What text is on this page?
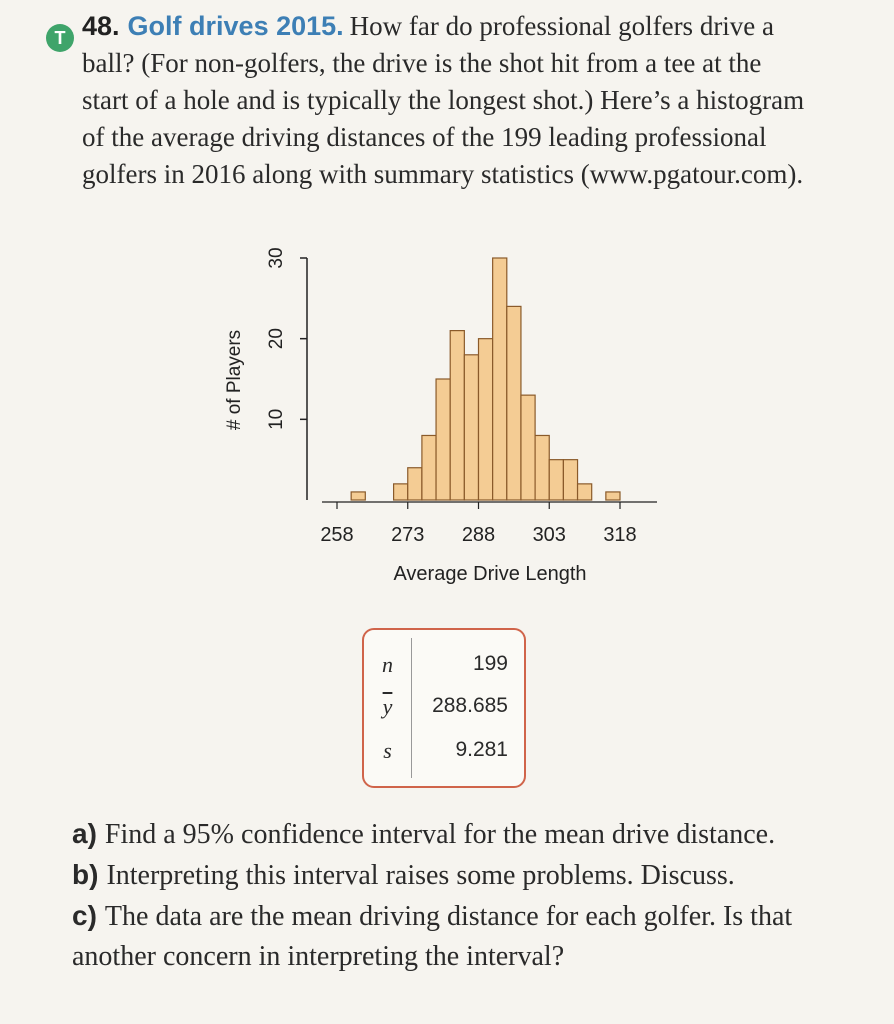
T 48. Golf drives 2015. How far do professional golfers drive a ball? (For non-golfers, the drive is the shot hit from a tee at the start of a hole and is typically the longest shot.) Here’s a histogram of the average driving distances of the 199 leading professional golfers in 2016 along with summary statistics (www.pgatour.com).
10
20
30
# of Players
258 273 288 303 318
Average Drive Length
n	199
$\overline{y}$	288.685
s	9.281

a) Find a 95% confidence interval for the mean drive distance.

b) Interpreting this interval raises some problems. Discuss.

c) The data are the mean driving distance for each golfer. Is that another concern in interpreting the interval?
